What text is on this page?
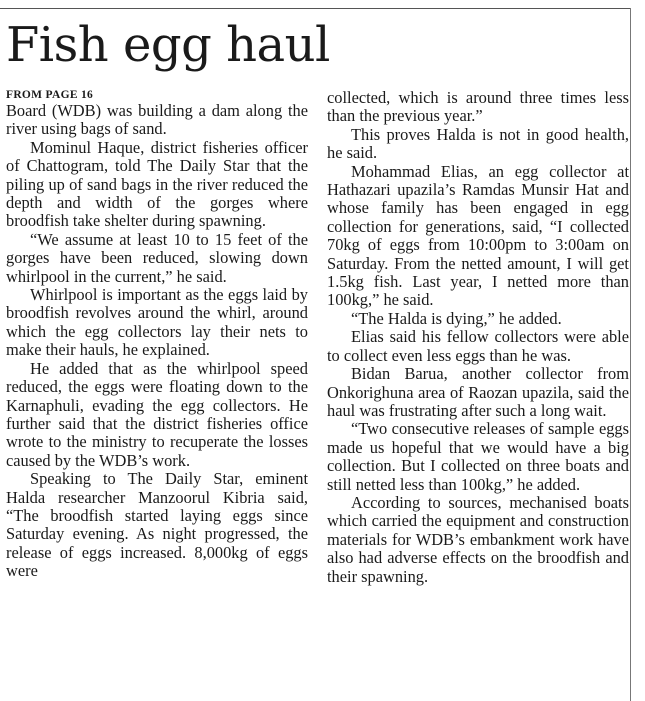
Fish egg haul
FROM PAGE 16

Board (WDB) was building a dam along the river using bags of sand.

Mominul Haque, district fisheries officer of Chattogram, told The Daily Star that the piling up of sand bags in the river reduced the depth and width of the gorges where broodfish take shelter during spawning.

“We assume at least 10 to 15 feet of the gorges have been reduced, slowing down whirlpool in the current,” he said.

Whirlpool is important as the eggs laid by broodfish revolves around the whirl, around which the egg collectors lay their nets to make their hauls, he explained.

He added that as the whirlpool speed reduced, the eggs were floating down to the Karnaphuli, evading the egg collectors. He further said that the district fisheries office wrote to the ministry to recuperate the losses caused by the WDB’s work.

Speaking to The Daily Star, eminent Halda researcher Manzoorul Kibria said, “The broodfish started laying eggs since Saturday evening. As night progressed, the release of eggs increased. 8,000kg of eggs were

collected, which is around three times less than the previous year.”

This proves Halda is not in good health, he said.

Mohammad Elias, an egg collector at Hathazari upazila’s Ramdas Munsir Hat and whose family has been engaged in egg collection for generations, said, “I collected 70kg of eggs from 10:00pm to 3:00am on Saturday. From the netted amount, I will get 1.5kg fish. Last year, I netted more than 100kg,” he said.

“The Halda is dying,” he added.

Elias said his fellow collectors were able to collect even less eggs than he was.

Bidan Barua, another collector from Onkorighuna area of Raozan upazila, said the haul was frustrating after such a long wait.

“Two consecutive releases of sample eggs made us hopeful that we would have a big collection. But I collected on three boats and still netted less than 100kg,” he added.

According to sources, mechanised boats which carried the equipment and construction materials for WDB’s embankment work have also had adverse effects on the broodfish and their spawning.
